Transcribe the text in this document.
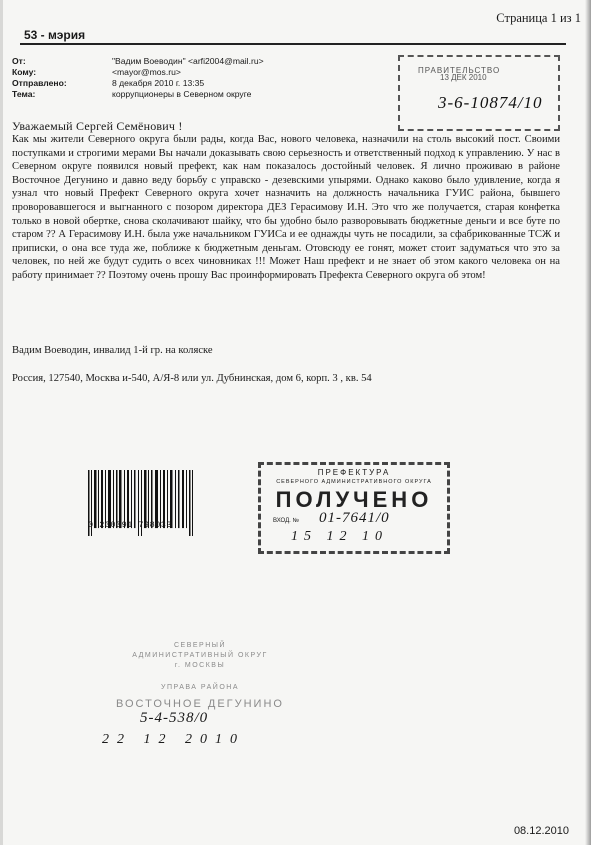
Страница 1 из 1
53 - мэрия
От:	"Вадим Воеводин" <arfi2004@mail.ru>
Кому:	<mayor@mos.ru>
Отправлено:	8 декабря 2010 г. 13:35
Тема:	коррупционеры в Северном округе
ПРАВИТЕЛЬСТВО
13 ДЕК 2010
3-6-10874/10
Уважаемый Сергей Семёнович !
Как мы жители Северного округа были рады, когда Вас, нового человека, назначили на столь высокий пост. Своими поступками и строгими мерами Вы начали доказывать свою серьезность и ответственный подход к управлению. У нас в Северном округе появился новый префект, как нам показалось достойный человек. Я лично проживаю в районе Восточное Дегунино и давно веду борьбу с управско - дезевскими упырями. Однако каково было удивление, когда я узнал что новый Префект Северного округа хочет назначить на должность начальника ГУИС района, бывшего проворовавшегося и выгнанного с позором директора ДЕЗ Герасимову И.Н. Это что же получается, старая конфетка только в новой обертке, снова сколачивают шайку, что бы удобно было разворовывать бюджетные деньги и все буте по старом ?? А Герасимову И.Н. была уже начальником ГУИСа и ее однажды чуть не посадили, за сфабрикованные ТСЖ и приписки, о она все туда же, поближе к бюджетным деньгам. Отовсюду ее гонят, может стоит задуматься что это за человек, по ней же будут судить о всех чиновниках !!! Может Наш префект и не знает об этом какого человека он на работу принимает ?? Поэтому очень прошу Вас проинформировать Префекта Северного округа об этом!
Вадим Воеводин, инвалид 1-й гр. на коляске
Россия, 127540, Москва и-540, А/Я-8 или ул. Дубнинская, дом 6, корп. 3 , кв. 54
ПРЕФЕКТУРА
СЕВЕРНОГО АДМИНИСТРАТИВНОГО ОКРУГА
ПОЛУЧЕНО
ВХОД. № 01-7641/0
15 12 10
0 200091 798033
СЕВЕРНЫЙ
АДМИНИСТРАТИВНЫЙ ОКРУГ
г. МОСКВЫ
УПРАВА РАЙОНА
ВОСТОЧНОЕ ДЕГУНИНО
5-4-538/0
22 12 2010
08.12.2010
